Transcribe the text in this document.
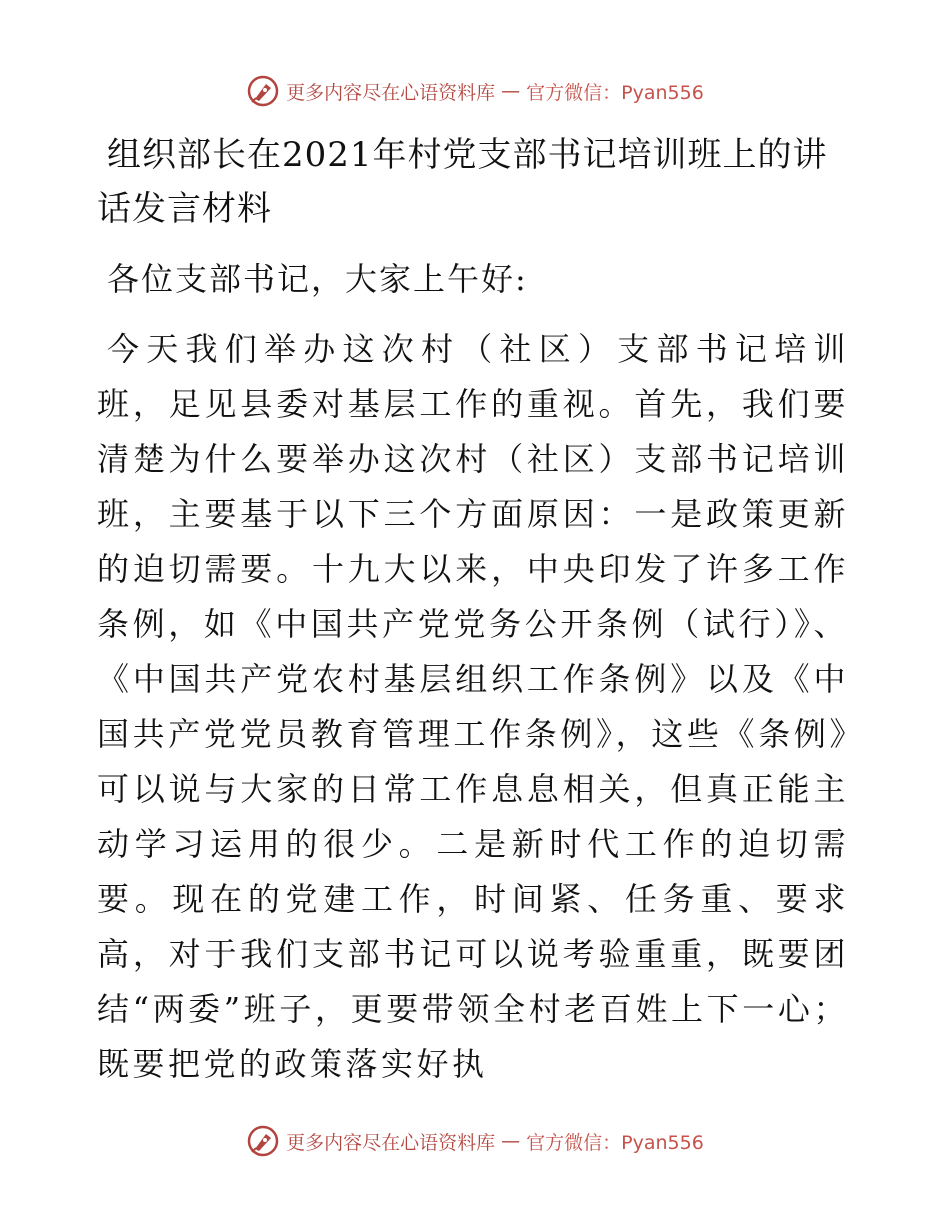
更多内容尽在心语资料库 — 官方微信：Pyan556
组织部长在2021年村党支部书记培训班上的讲话发言材料

各位支部书记，大家上午好:

今天我们举办这次村（社区）支部书记培训班，足见县委对基层工作的重视。首先，我们要清楚为什么要举办这次村（社区）支部书记培训班，主要基于以下三个方面原因：一是政策更新的迫切需要。十九大以来，中央印发了许多工作条例，如《中国共产党党务公开条例（试行）》、《中国共产党农村基层组织工作条例》以及《中国共产党党员教育管理工作条例》，这些《条例》可以说与大家的日常工作息息相关，但真正能主动学习运用的很少。二是新时代工作的迫切需要。现在的党建工作，时间紧、任务重、要求高，对于我们支部书记可以说考验重重，既要团结“两委”班子，更要带领全村老百姓上下一心；既要把党的政策落实好执

更多内容尽在心语资料库 — 官方微信：Pyan556
